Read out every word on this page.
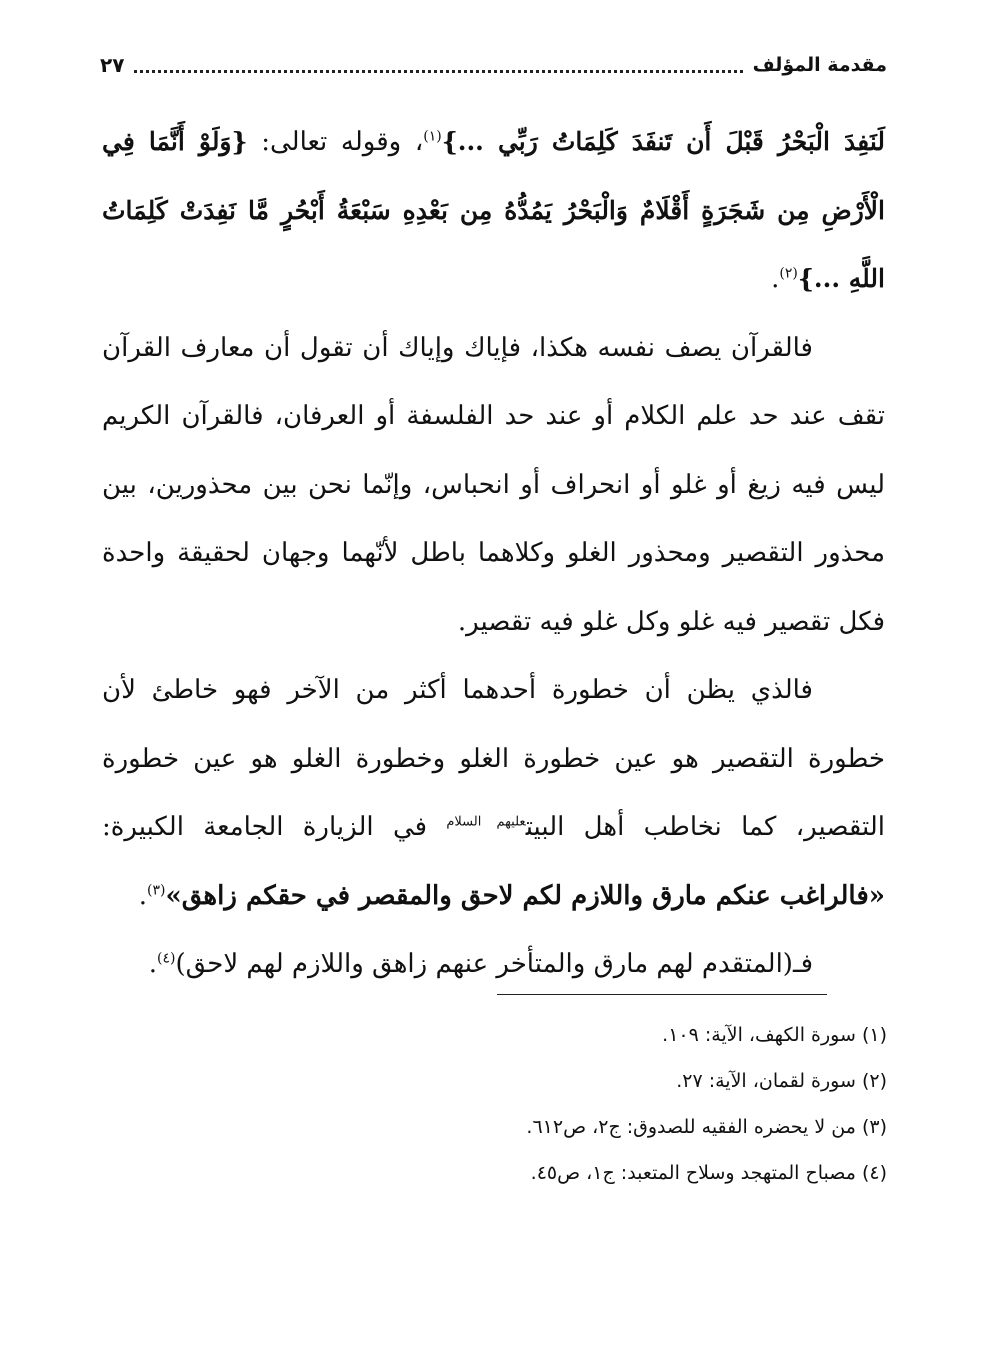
مقدمة المؤلف
٢٧

لَنَفِدَ الْبَحْرُ قَبْلَ أَن تَنفَدَ كَلِمَاتُ رَبِّي ...}$^{(١)}$، وقوله تعالى: {وَلَوْ أَنَّمَا فِي الْأَرْضِ مِن شَجَرَةٍ أَقْلَامٌ وَالْبَحْرُ يَمُدُّهُ مِن بَعْدِهِ سَبْعَةُ أَبْحُرٍ مَّا نَفِدَتْ كَلِمَاتُ اللَّهِ ...}$^{(٢)}$.

فالقرآن يصف نفسه هكذا، فإياك وإياك أن تقول أن معارف القرآن تقف عند حد علم الكلام أو عند حد الفلسفة أو العرفان، فالقرآن الكريم ليس فيه زيغ أو غلو أو انحراف أو انحباس، وإنّما نحن بين محذورين، بين محذور التقصير ومحذور الغلو وكلاهما باطل لأنّهما وجهان لحقيقة واحدة فكل تقصير فيه غلو وكل غلو فيه تقصير.

فالذي يظن أن خطورة أحدهما أكثر من الآخر فهو خاطئ لأن خطورة التقصير هو عين خطورة الغلو وخطورة الغلو هو عين خطورة التقصير، كما نخاطب أهل البيت$^{عليهم السلام}$ في الزيارة الجامعة الكبيرة: «فالراغب عنكم مارق واللازم لكم لاحق والمقصر في حقكم زاهق»$^{(٣)}$.

فـ(المتقدم لهم مارق والمتأخر عنهم زاهق واللازم لهم لاحق)$^{(٤)}$.

(١) سورة الكهف، الآية: ١٠٩.

(٢) سورة لقمان، الآية: ٢٧.

(٣) من لا يحضره الفقيه للصدوق: ج٢، ص٦١٢.

(٤) مصباح المتهجد وسلاح المتعبد: ج١، ص٤٥.
